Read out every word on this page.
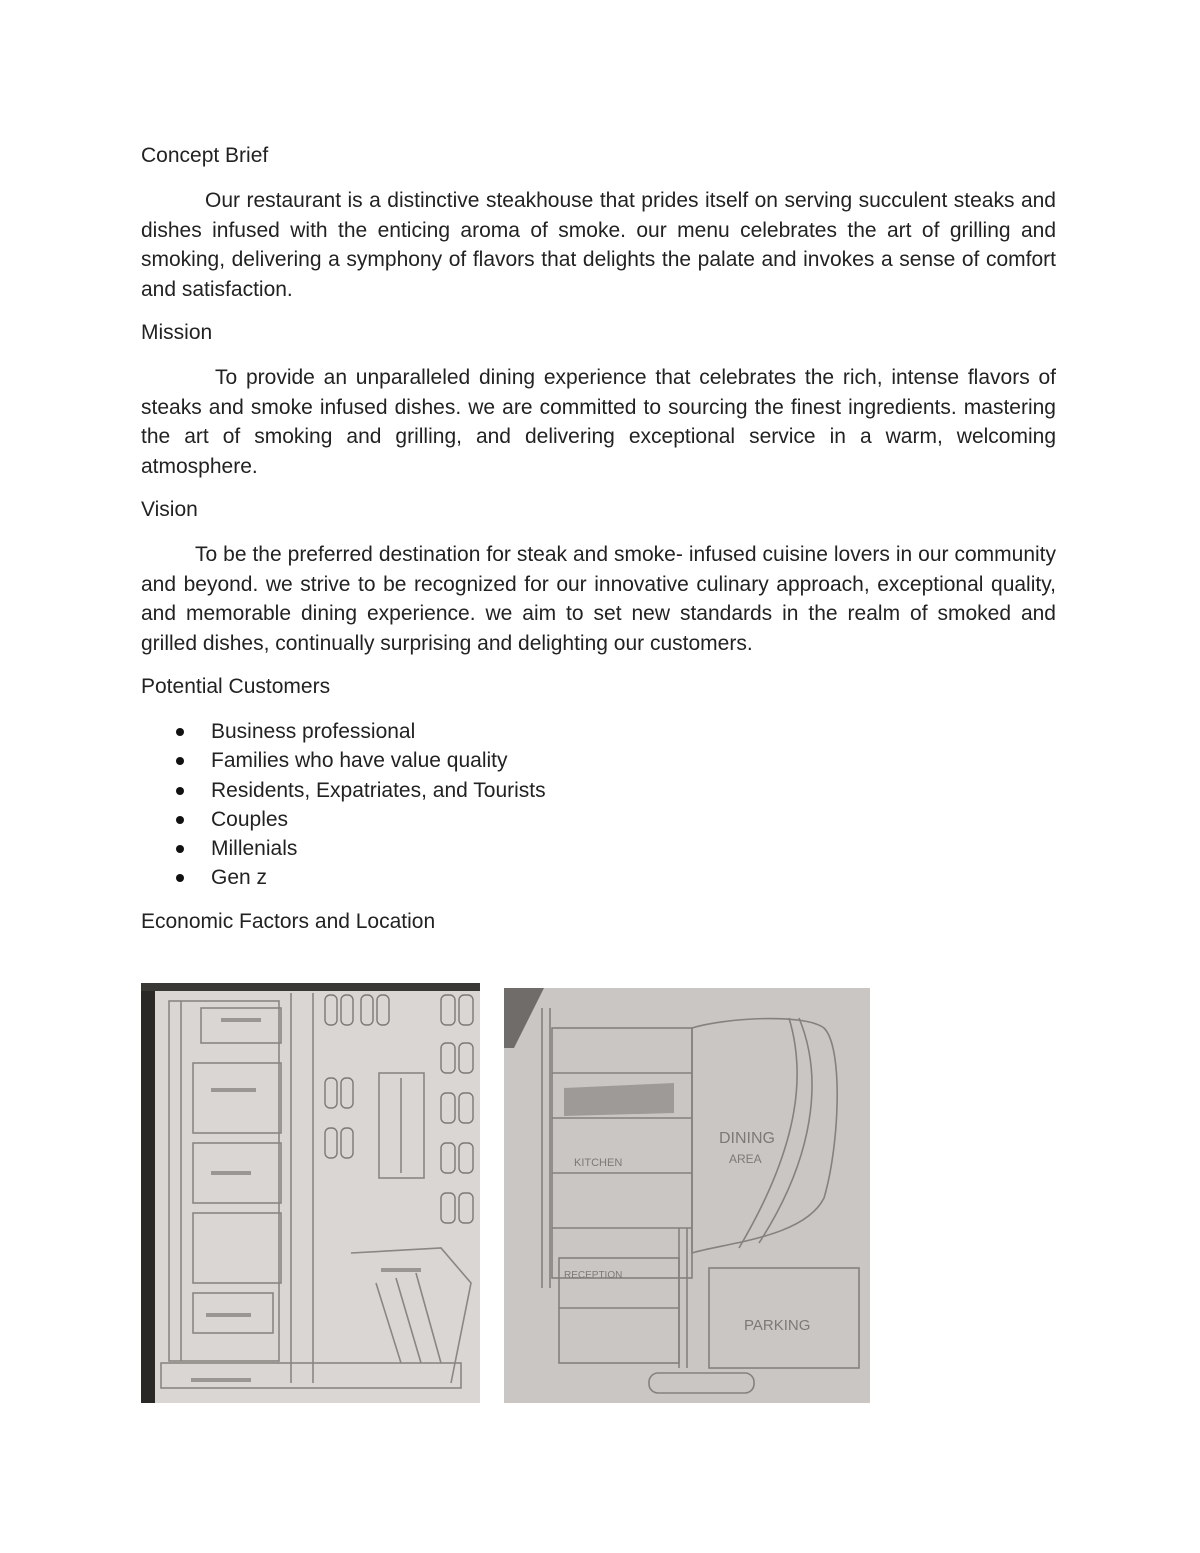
Concept Brief

Our restaurant is a distinctive steakhouse that prides itself on serving succulent steaks and dishes infused with the enticing aroma of smoke. our menu celebrates the art of grilling and smoking, delivering a symphony of flavors that delights the palate and invokes a sense of comfort and satisfaction.

Mission

To provide an unparalleled dining experience that celebrates the rich, intense flavors of steaks and smoke infused dishes. we are committed to sourcing the finest ingredients. mastering the art of smoking and grilling, and delivering exceptional service in a warm, welcoming atmosphere.

Vision

To be the preferred destination for steak and smoke- infused cuisine lovers in our community and beyond. we strive to be recognized for our innovative culinary approach, exceptional quality, and memorable dining experience. we aim to set new standards in the realm of smoked and grilled dishes, continually surprising and delighting our customers.

Potential Customers
Business professional
Families who have value quality
Residents, Expatriates, and Tourists
Couples
Millenials
Gen z
Economic Factors and Location
DINING
AREA
PARKING
RECEPTION
KITCHEN
